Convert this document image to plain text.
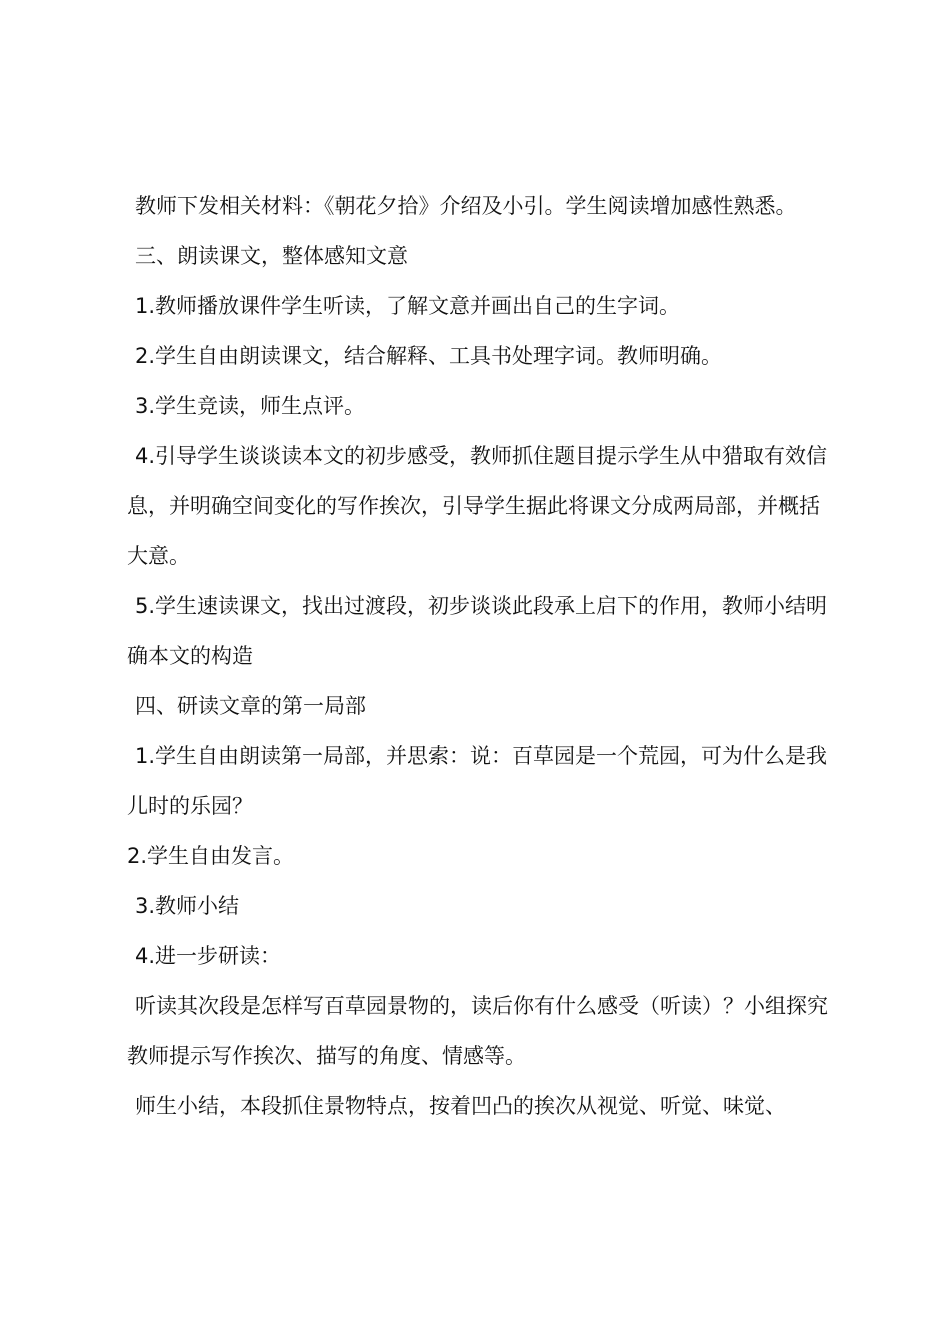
教师下发相关材料：《朝花夕拾》介绍及小引。学生阅读增加感性熟悉。

三、朗读课文，整体感知文意

1.教师播放课件学生听读，了解文意并画出自己的生字词。

2.学生自由朗读课文，结合解释、工具书处理字词。教师明确。

3.学生竞读，师生点评。

4.引导学生谈谈读本文的初步感受，教师抓住题目提示学生从中猎取有效信息，并明确空间变化的写作挨次，引导学生据此将课文分成两局部，并概括大意。

5.学生速读课文，找出过渡段，初步谈谈此段承上启下的作用，教师小结明确本文的构造

四、研读文章的第一局部

1.学生自由朗读第一局部，并思索：说：百草园是一个荒园，可为什么是我儿时的乐园？

2.学生自由发言。

3.教师小结

4.进一步研读：

听读其次段是怎样写百草园景物的，读后你有什么感受（听读）？小组探究教师提示写作挨次、描写的角度、情感等。

师生小结，本段抓住景物特点，按着凹凸的挨次从视觉、听觉、味觉、
